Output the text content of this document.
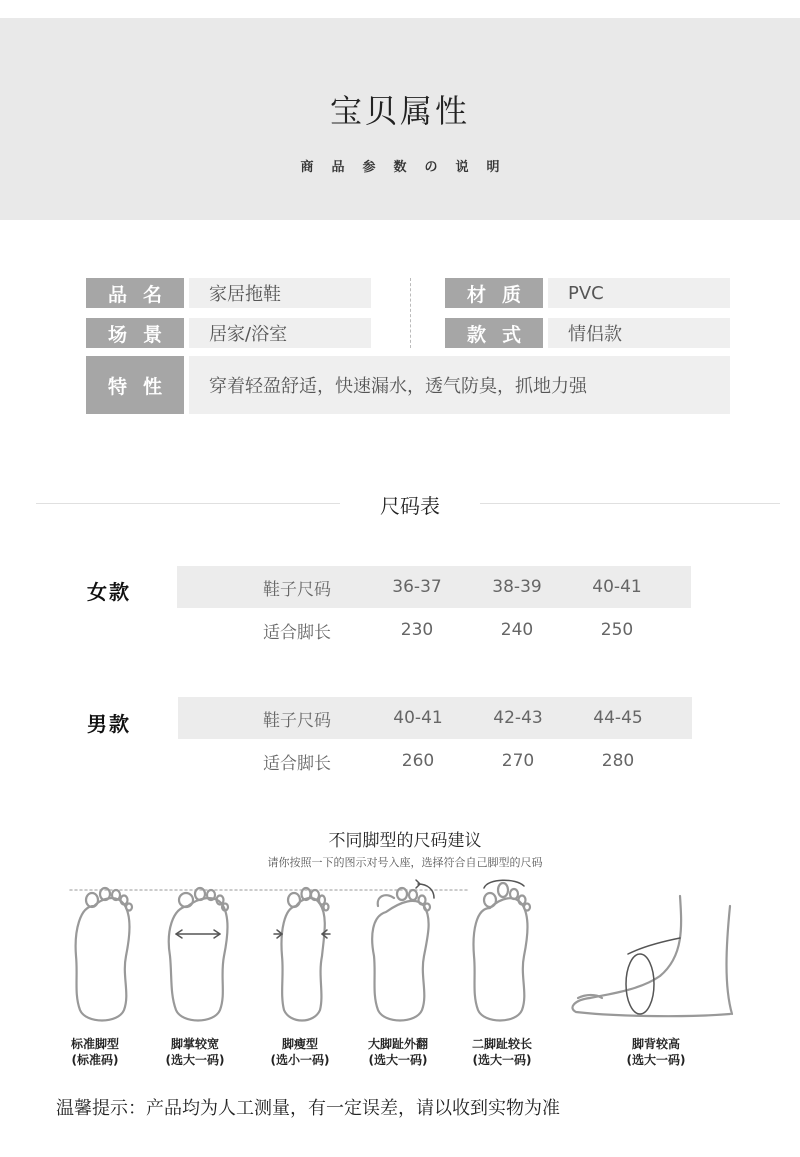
宝贝属性
商品参数の说明
品名	家居拖鞋	材质	PVC
场景	居家/浴室	款式	情侣款
特性	穿着轻盈舒适，快速漏水，透气防臭，抓地力强
尺码表
女款	鞋子尺码	36-37	38-39	40-41
适合脚长	230	240	250
男款	鞋子尺码	40-41	42-43	44-45
适合脚长	260	270	280
不同脚型的尺码建议
请你按照一下的图示对号入座，选择符合自己脚型的尺码
标准脚型
(标准码)
脚掌较宽
(选大一码)
脚瘦型
(选小一码)
大脚趾外翻
(选大一码)
二脚趾较长
(选大一码)
脚背较高
(选大一码)
温馨提示：产品均为人工测量，有一定误差，请以收到实物为准
